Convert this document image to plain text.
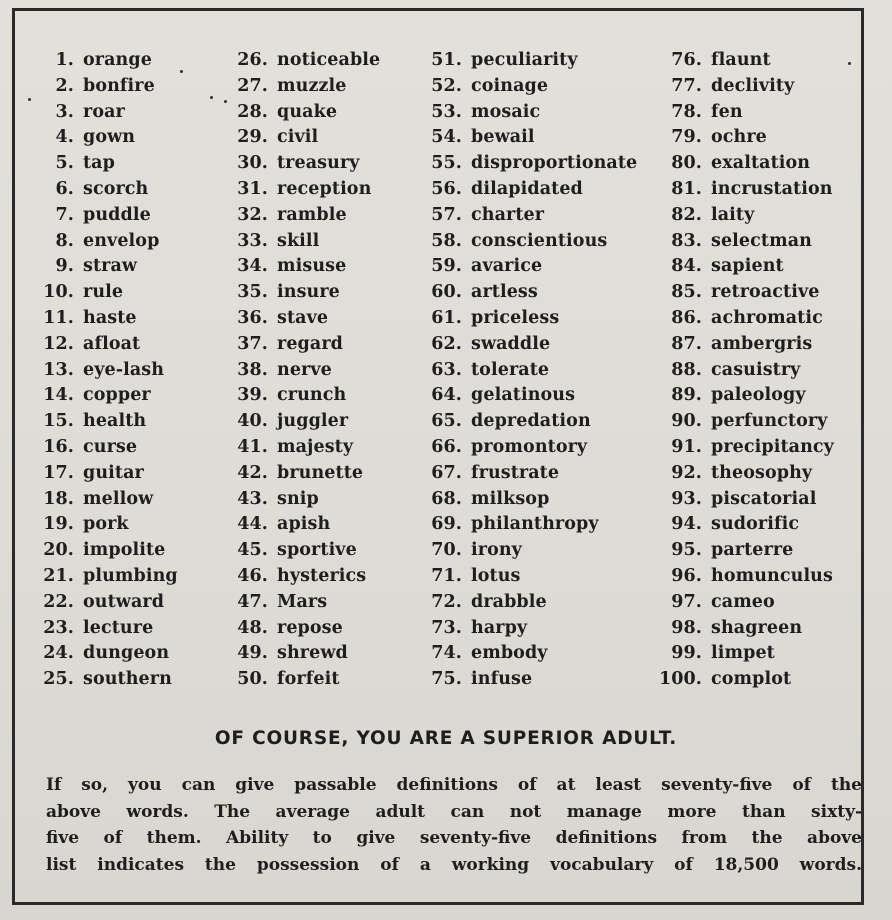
1. orange
2. bonfire
3. roar
4. gown
5. tap
6. scorch
7. puddle
8. envelop
9. straw
10. rule
11. haste
12. afloat
13. eye-lash
14. copper
15. health
16. curse
17. guitar
18. mellow
19. pork
20. impolite
21. plumbing
22. outward
23. lecture
24. dungeon
25. southern
26. noticeable
27. muzzle
28. quake
29. civil
30. treasury
31. reception
32. ramble
33. skill
34. misuse
35. insure
36. stave
37. regard
38. nerve
39. crunch
40. juggler
41. majesty
42. brunette
43. snip
44. apish
45. sportive
46. hysterics
47. Mars
48. repose
49. shrewd
50. forfeit
51. peculiarity
52. coinage
53. mosaic
54. bewail
55. disproportionate
56. dilapidated
57. charter
58. conscientious
59. avarice
60. artless
61. priceless
62. swaddle
63. tolerate
64. gelatinous
65. depredation
66. promontory
67. frustrate
68. milksop
69. philanthropy
70. irony
71. lotus
72. drabble
73. harpy
74. embody
75. infuse
76. flaunt
77. declivity
78. fen
79. ochre
80. exaltation
81. incrustation
82. laity
83. selectman
84. sapient
85. retroactive
86. achromatic
87. ambergris
88. casuistry
89. paleology
90. perfunctory
91. precipitancy
92. theosophy
93. piscatorial
94. sudorific
95. parterre
96. homunculus
97. cameo
98. shagreen
99. limpet
100. complot
OF COURSE, YOU ARE A SUPERIOR ADULT.
If so, you can give passable definitions of at least seventy-five of the
above words. The average adult can not manage more than sixty-
five of them. Ability to give seventy-five definitions from the above
list indicates the possession of a working vocabulary of 18,500 words.
